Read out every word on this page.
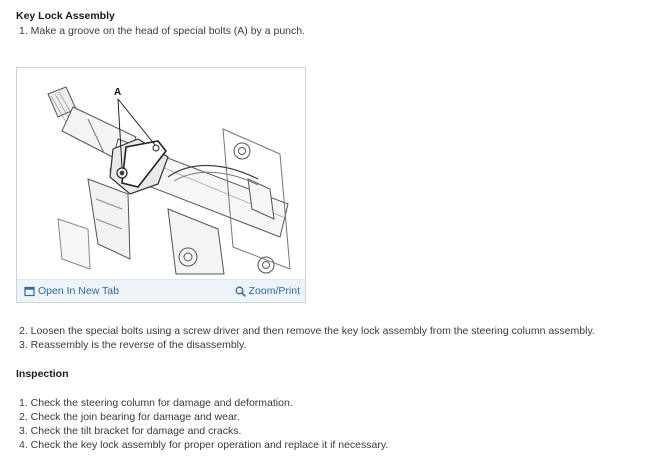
Key Lock Assembly
1. Make a groove on the head of special bolts (A) by a punch.
A
Open In New Tab	Zoom/Print
2. Loosen the special bolts using a screw driver and then remove the key lock assembly from the steering column assembly.
3. Reassembly is the reverse of the disassembly.
Inspection
1. Check the steering column for damage and deformation.
2. Check the join bearing for damage and wear.
3. Check the tilt bracket for damage and cracks.
4. Check the key lock assembly for proper operation and replace it if necessary.
